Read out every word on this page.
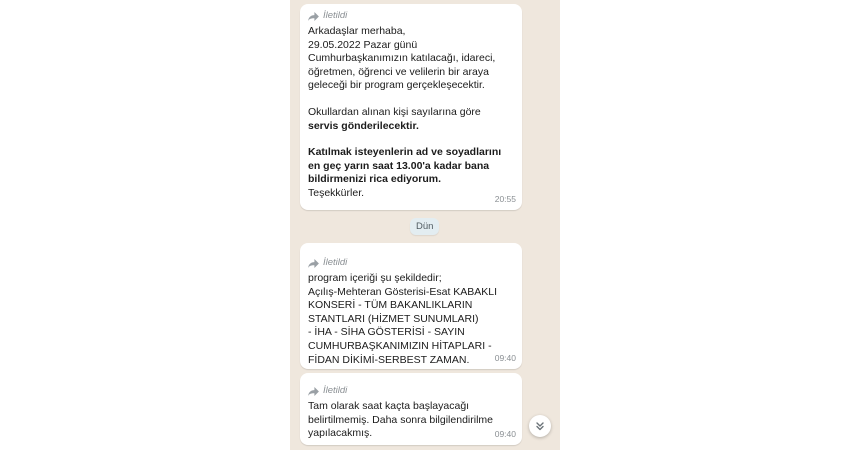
İletildi
Arkadaşlar merhaba,
29.05.2022 Pazar günü
Cumhurbaşkanımızın katılacağı, idareci,
öğretmen, öğrenci ve velilerin bir araya
geleceği bir program gerçekleşecektir.
Okullardan alınan kişi sayılarına göre
servis gönderilecektir.
Katılmak isteyenlerin ad ve soyadlarını
en geç yarın saat 13.00'a kadar bana
bildirmenizi rica ediyorum.
Teşekkürler.
20:55
Dün
İletildi
program içeriği şu şekildedir;
Açılış-Mehteran Gösterisi-Esat KABAKLI
KONSERİ - TÜM BAKANLIKLARIN
STANTLARI (HİZMET SUNUMLARI)
- İHA - SİHA GÖSTERİSİ - SAYIN
CUMHURBAŞKANIMIZIN HİTAPLARI -
FİDAN DİKİMİ-SERBEST ZAMAN.	09:40
İletildi
Tam olarak saat kaçta başlayacağı
belirtilmemiş. Daha sonra bilgilendirilme
yapılacakmış.	09:40
